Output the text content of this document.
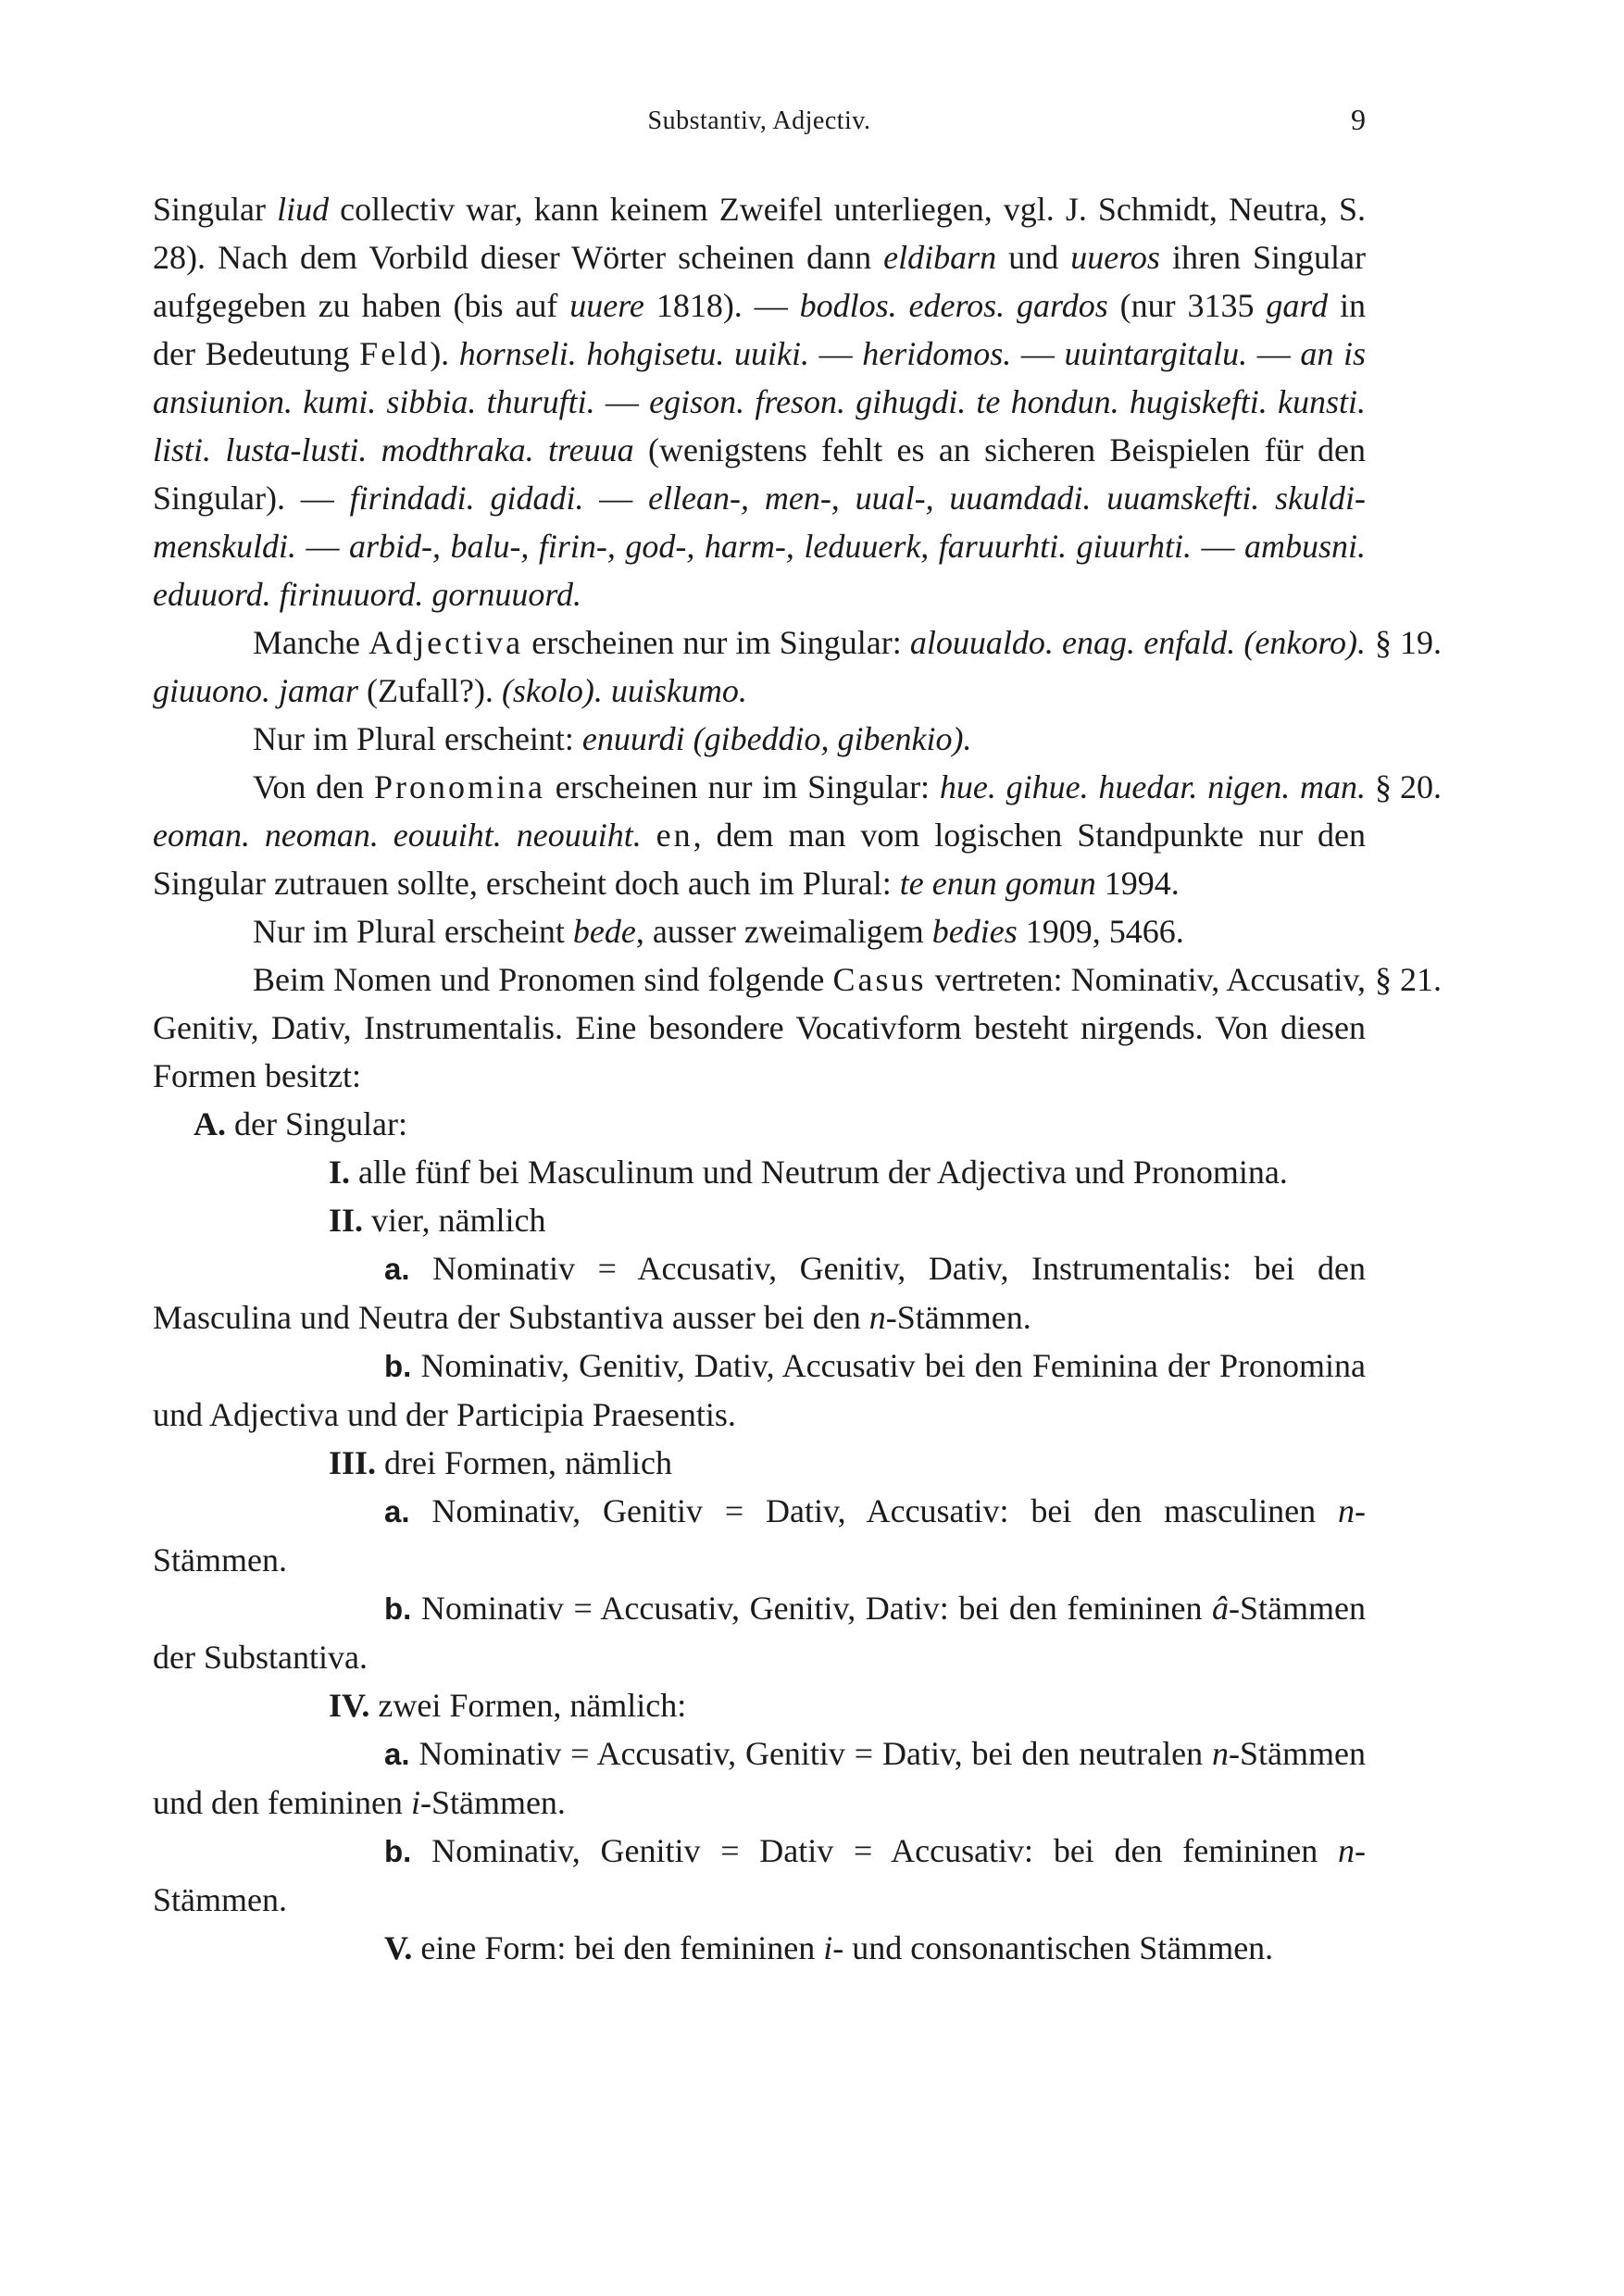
Substantiv, Adjectiv.	9

Singular liud collectiv war, kann keinem Zweifel unterliegen, vgl. J. Schmidt, Neutra, S. 28). Nach dem Vorbild dieser Wörter scheinen dann eldibarn und uueros ihren Singular aufgegeben zu haben (bis auf uuere 1818). — bodlos. ederos. gardos (nur 3135 gard in der Bedeutung Feld). hornseli. hohgisetu. uuiki. — heridomos. — uuintargitalu. — an is ansiunion. kumi. sibbia. thurufti. — egison. freson. gihugdi. te hondun. hugiskefti. kunsti. listi. lusta-lusti. modthraka. treuua (wenigstens fehlt es an sicheren Beispielen für den Singular). — firindadi. gidadi. — ellean-, men-, uual-, uuamdadi. uuamskefti. skuldi-menskuldi. — arbid-, balu-, firin-, god-, harm-, leduuerk, faruurhti. giuurhti. — ambusni. eduuord. firinuuord. gornuuord.

§ 19.

Manche Adjectiva erscheinen nur im Singular: alouualdo. enag. enfald. (enkoro). giuuono. jamar (Zufall?). (skolo). uuiskumo.

Nur im Plural erscheint: enuurdi (gibeddio, gibenkio).

§ 20.

Von den Pronomina erscheinen nur im Singular: hue. gihue. huedar. nigen. man. eoman. neoman. eouuiht. neouuiht. en, dem man vom logischen Standpunkte nur den Singular zutrauen sollte, erscheint doch auch im Plural: te enun gomun 1994.

Nur im Plural erscheint bede, ausser zweimaligem bedies 1909, 5466.

§ 21.

Beim Nomen und Pronomen sind folgende Casus vertreten: Nominativ, Accusativ, Genitiv, Dativ, Instrumentalis. Eine besondere Vocativform besteht nirgends. Von diesen Formen besitzt:

A. der Singular:

I. alle fünf bei Masculinum und Neutrum der Adjectiva und Pronomina.

II. vier, nämlich

a. Nominativ = Accusativ, Genitiv, Dativ, Instrumentalis: bei den Masculina und Neutra der Substantiva ausser bei den n-Stämmen.

b. Nominativ, Genitiv, Dativ, Accusativ bei den Feminina der Pronomina und Adjectiva und der Participia Praesentis.

III. drei Formen, nämlich

a. Nominativ, Genitiv = Dativ, Accusativ: bei den masculinen n-Stämmen.

b. Nominativ = Accusativ, Genitiv, Dativ: bei den femininen â-Stämmen der Substantiva.

IV. zwei Formen, nämlich:

a. Nominativ = Accusativ, Genitiv = Dativ, bei den neutralen n-Stämmen und den femininen i-Stämmen.

b. Nominativ, Genitiv = Dativ = Accusativ: bei den femininen n-Stämmen.

V. eine Form: bei den femininen i- und consonantischen Stämmen.
